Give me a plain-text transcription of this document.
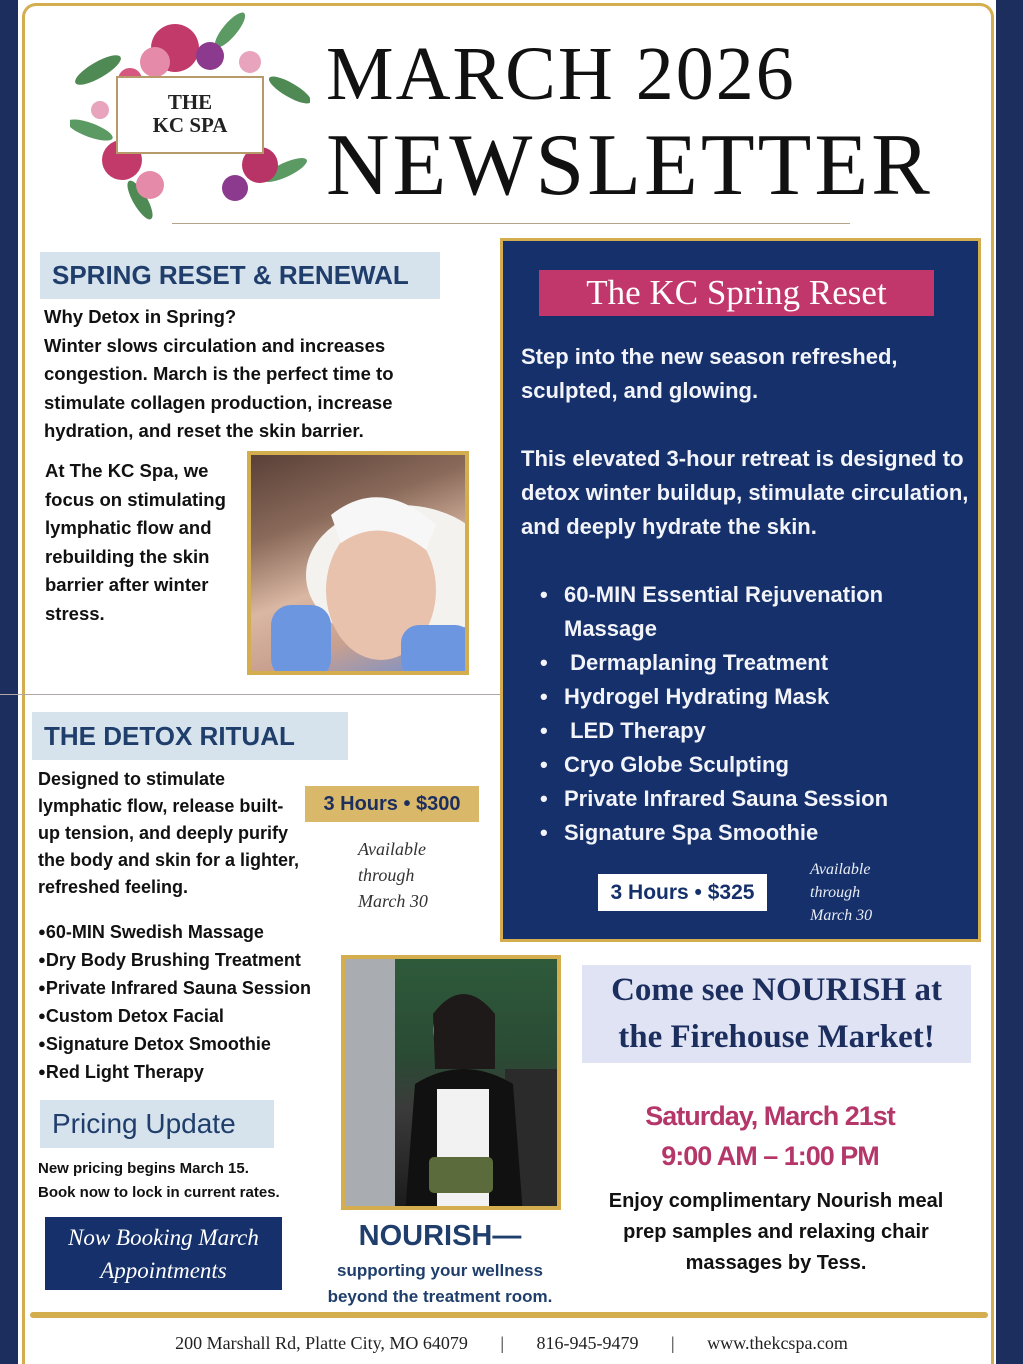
THE
KC SPA
MARCH 2026
NEWSLETTER
SPRING RESET & RENEWAL
Why Detox in Spring?
Winter slows circulation and increases congestion. March is the perfect time to stimulate collagen production, increase hydration, and reset the skin barrier.
At The KC Spa, we focus on stimulating lymphatic flow and rebuilding the skin barrier after winter stress.
THE DETOX RITUAL
Designed to stimulate lymphatic flow, release built-up tension, and deeply purify the body and skin for a lighter, refreshed feeling.
3 Hours • $300
Available
through
March 30
● 60-MIN Swedish Massage
● Dry Body Brushing Treatment
● Private Infrared Sauna Session
● Custom Detox Facial
● Signature Detox Smoothie
● Red Light Therapy
The KC Spring Reset
Step into the new season refreshed, sculpted, and glowing.
This elevated 3-hour retreat is designed to detox winter buildup, stimulate circulation, and deeply hydrate the skin.
• 60-MIN Essential Rejuvenation Massage
• Dermaplaning Treatment
• Hydrogel Hydrating Mask
• LED Therapy
• Cryo Globe Sculpting
• Private Infrared Sauna Session
• Signature Spa Smoothie
3 Hours • $325
Available
through
March 30
Pricing Update
New pricing begins March 15.
Book now to lock in current rates.
Now Booking March
Appointments
NOURISH—
supporting your wellness
beyond the treatment room.
Come see NOURISH at
the Firehouse Market!
Saturday, March 21st
9:00 AM – 1:00 PM
Enjoy complimentary Nourish meal prep samples and relaxing chair massages by Tess.
200 Marshall Rd, Platte City, MO 64079 | 816-945-9479 | www.thekcspa.com
